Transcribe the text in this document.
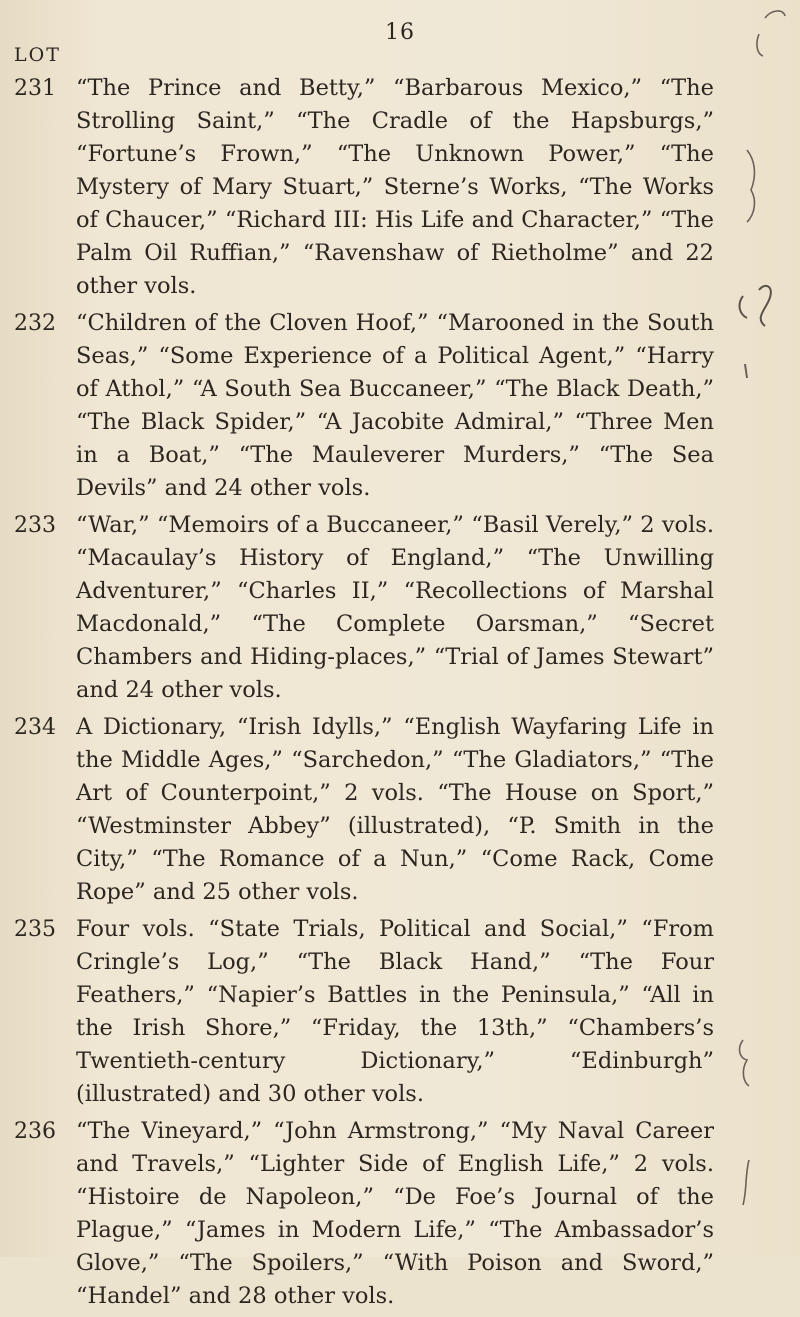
16
LOT
231 “The Prince and Betty,” “Barbarous Mexico,” “The Strolling Saint,” “The Cradle of the Hapsburgs,” “Fortune’s Frown,” “The Unknown Power,” “The Mystery of Mary Stuart,” Sterne’s Works, “The Works of Chaucer,” “Richard III: His Life and Character,” “The Palm Oil Ruffian,” “Ravenshaw of Rietholme” and 22 other vols.
232 “Children of the Cloven Hoof,” “Marooned in the South Seas,” “Some Experience of a Political Agent,” “Harry of Athol,” “A South Sea Buccaneer,” “The Black Death,” “The Black Spider,” “A Jacobite Admiral,” “Three Men in a Boat,” “The Mauleverer Murders,” “The Sea Devils” and 24 other vols.
233 “War,” “Memoirs of a Buccaneer,” “Basil Verely,” 2 vols. “Macaulay’s History of England,” “The Unwilling Adventurer,” “Charles II,” “Recollections of Marshal Macdonald,” “The Complete Oarsman,” “Secret Chambers and Hiding-places,” “Trial of James Stewart” and 24 other vols.
234 A Dictionary, “Irish Idylls,” “English Wayfaring Life in the Middle Ages,” “Sarchedon,” “The Gladiators,” “The Art of Counterpoint,” 2 vols. “The House on Sport,” “Westminster Abbey” (illustrated), “P. Smith in the City,” “The Romance of a Nun,” “Come Rack, Come Rope” and 25 other vols.
235 Four vols. “State Trials, Political and Social,” “From Cringle’s Log,” “The Black Hand,” “The Four Feathers,” “Napier’s Battles in the Peninsula,” “All in the Irish Shore,” “Friday, the 13th,” “Chambers’s Twentieth-century Dictionary,” “Edinburgh” (illustrated) and 30 other vols.
236 “The Vineyard,” “John Armstrong,” “My Naval Career and Travels,” “Lighter Side of English Life,” 2 vols. “Histoire de Napoleon,” “De Foe’s Journal of the Plague,” “James in Modern Life,” “The Ambassador’s Glove,” “The Spoilers,” “With Poison and Sword,” “Handel” and 28 other vols.
